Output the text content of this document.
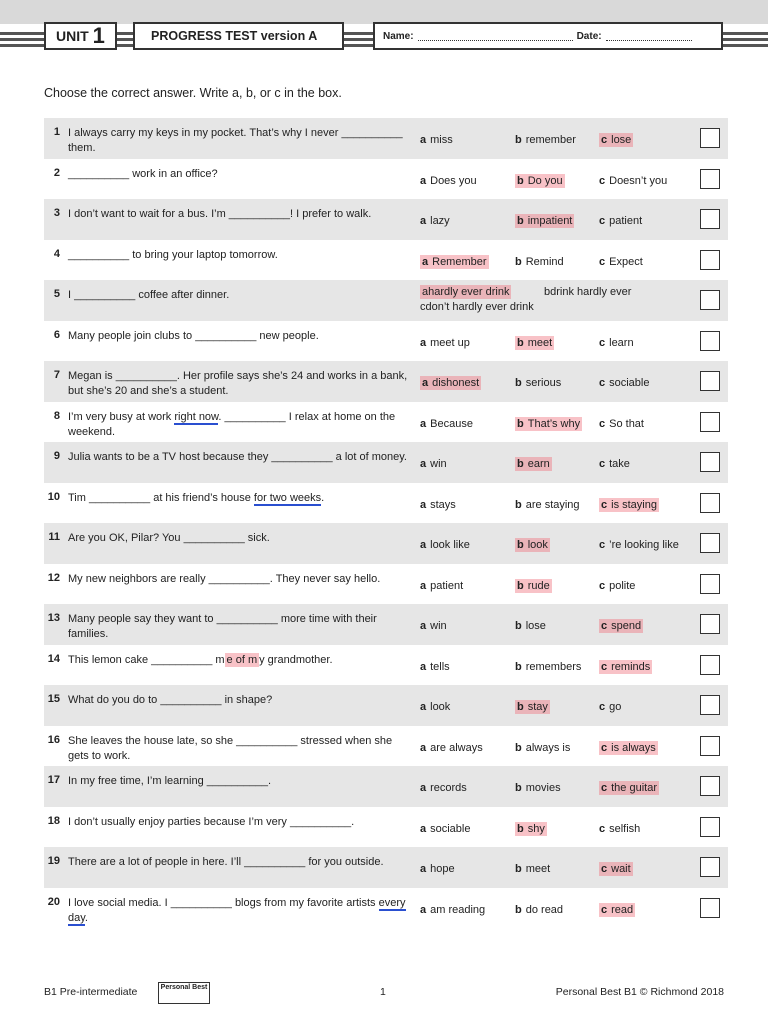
UNIT 1	PROGRESS TEST version A	Name:	Date:
Choose the correct answer. Write a, b, or c in the box.
1 I always carry my keys in my pocket. That’s why I never __________ them.
a miss	b remember c lose
2 __________ work in an office?
a Does you	b Do you	c Doesn’t you
3 I don’t want to wait for a bus. I’m __________! I prefer to walk.
a lazy	b impatient c patient
4 __________ to bring your laptop tomorrow.
a Remember	b Remind	c Expect
5 I __________ coffee after dinner.	ahardly ever drink	bdrink hardly ever
cdon’t hardly ever drink
6 Many people join clubs to __________ new people.
a meet up	b meet	c learn
7 Megan is __________. Her profile says she’s 24 and works in a bank, but she’s 20 and she’s a student.
a dishonest	b serious	c sociable
8 I’m very busy at work right now. __________ I relax at home on the weekend.
a Because	b That’s why c So that
9 Julia wants to be a TV host because they __________ a lot of money.
a win	b earn	c take
10 Tim __________ at his friend’s house for two weeks.
a stays	b are staying c is staying
11 Are you OK, Pilar? You __________ sick.
a look like	b look	c ’re looking like
12 My new neighbors are really __________. They never say hello.
a patient	b rude	c polite
13 Many people say they want to __________ more time with their families.
a win	b lose	c spend
14 This lemon cake __________ m e of m y grandmother.
a tells	b remembers c reminds
15 What do you do to __________ in shape?
a look	b stay	c go
16 She leaves the house late, so she __________ stressed when she gets to work.
a are always	b always is	c is always
17 In my free time, I’m learning __________.
a records	b movies	c the guitar
18 I don’t usually enjoy parties because I’m very __________.
a sociable	b shy	c selfish
19 There are a lot of people in here. I’ll __________ for you outside.
a hope	b meet	c wait
20 I love social media. I __________ blogs from my favorite artists every day.
a am reading	b do read	c read
B1 Pre-intermediate	Personal Best	1	Personal Best B1 © Richmond 2018
